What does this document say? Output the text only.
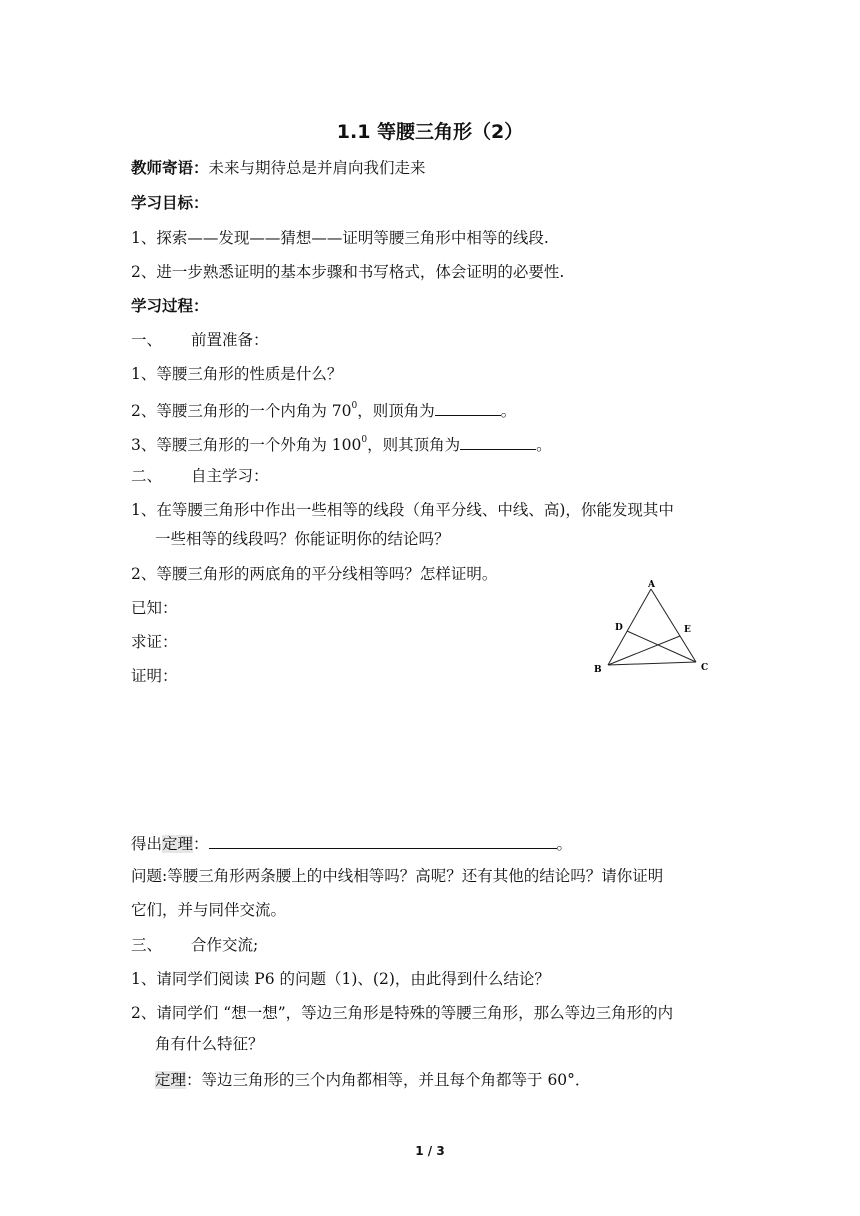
1.1 等腰三角形（2）
教师寄语：未来与期待总是并肩向我们走来
学习目标：
1、探索——发现——猜想——证明等腰三角形中相等的线段.
2、进一步熟悉证明的基本步骤和书写格式，体会证明的必要性.
学习过程：
一、 前置准备：
1、等腰三角形的性质是什么？
2、等腰三角形的一个内角为 $70^0$，则顶角为	。
3、等腰三角形的一个外角为 $100^0$，则其顶角为	。
二、 自主学习：
1、在等腰三角形中作出一些相等的线段（角平分线、中线、高)，你能发现其中
一些相等的线段吗？你能证明你的结论吗？
2、等腰三角形的两底角的平分线相等吗？怎样证明。
已知：
求证：
证明：
A
B	C
D	E
得出定理：	。
问题:等腰三角形两条腰上的中线相等吗？高呢？还有其他的结论吗？请你证明
它们，并与同伴交流。
三、 合作交流;
1、请同学们阅读 P6 的问题（1)、(2)，由此得到什么结论？
2、请同学们 “想一想”，等边三角形是特殊的等腰三角形，那么等边三角形的内
角有什么特征？
定理：等边三角形的三个内角都相等，并且每个角都等于 60°．
1 / 3
